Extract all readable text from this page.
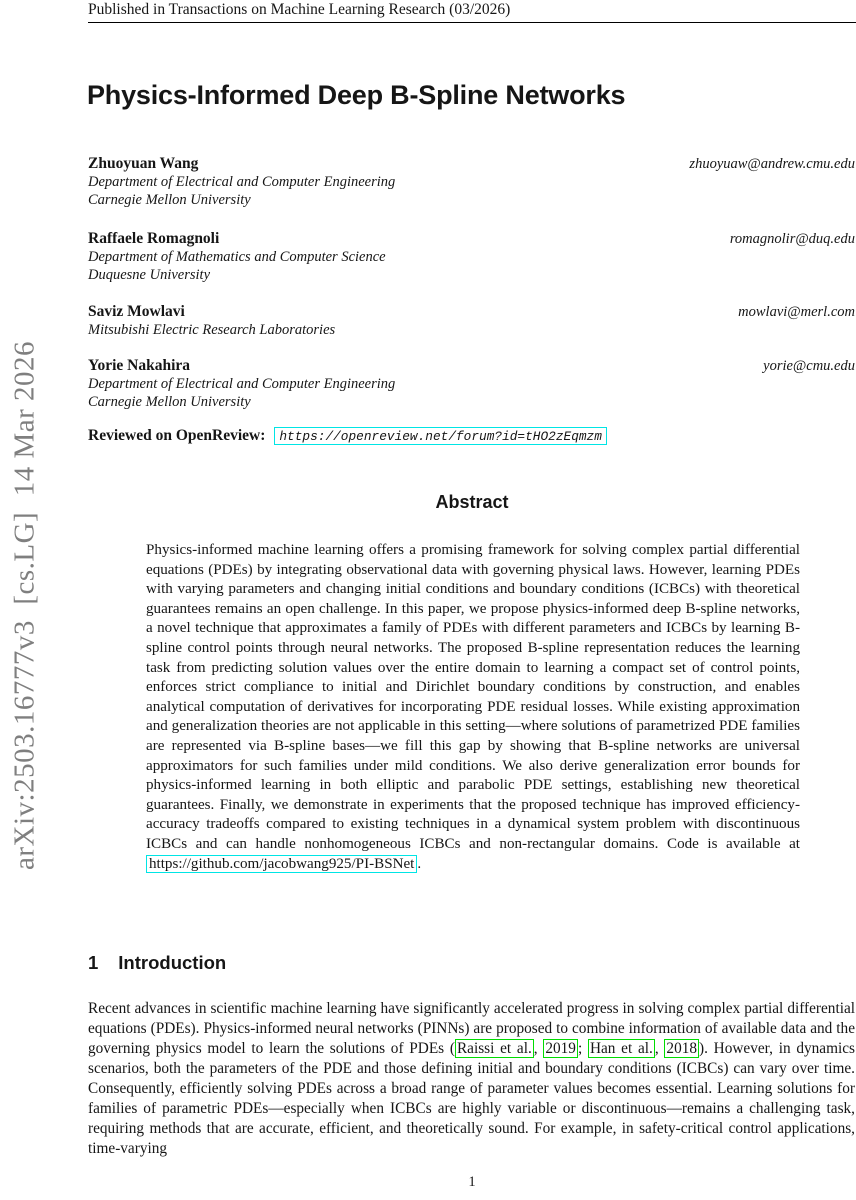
Published in Transactions on Machine Learning Research (03/2026)
arXiv:2503.16777v3  [cs.LG]  14 Mar 2026
Physics-Informed Deep B-Spline Networks
Zhuoyuan Wang	zhuoyuaw@andrew.cmu.edu
Department of Electrical and Computer Engineering
Carnegie Mellon University
Raffaele Romagnoli	romagnolir@duq.edu
Department of Mathematics and Computer Science
Duquesne University
Saviz Mowlavi	mowlavi@merl.com
Mitsubishi Electric Research Laboratories
Yorie Nakahira	yorie@cmu.edu
Department of Electrical and Computer Engineering
Carnegie Mellon University
Reviewed on OpenReview:	https://openreview.net/forum?id=tHO2zEqmzm
Abstract
Physics-informed machine learning offers a promising framework for solving complex partial differential equations (PDEs) by integrating observational data with governing physical laws. However, learning PDEs with varying parameters and changing initial conditions and boundary conditions (ICBCs) with theoretical guarantees remains an open challenge. In this paper, we propose physics-informed deep B-spline networks, a novel technique that approximates a family of PDEs with different parameters and ICBCs by learning B-spline control points through neural networks. The proposed B-spline representation reduces the learning task from predicting solution values over the entire domain to learning a compact set of control points, enforces strict compliance to initial and Dirichlet boundary conditions by construction, and enables analytical computation of derivatives for incorporating PDE residual losses. While existing approximation and generalization theories are not applicable in this setting—where solutions of parametrized PDE families are represented via B-spline bases—we fill this gap by showing that B-spline networks are universal approximators for such families under mild conditions. We also derive generalization error bounds for physics-informed learning in both elliptic and parabolic PDE settings, establishing new theoretical guarantees. Finally, we demonstrate in experiments that the proposed technique has improved efficiency-accuracy tradeoffs compared to existing techniques in a dynamical system problem with discontinuous ICBCs and can handle nonhomogeneous ICBCs and non-rectangular domains. Code is available at https://github.com/jacobwang925/PI-BSNet .
1 Introduction
Recent advances in scientific machine learning have significantly accelerated progress in solving complex partial differential equations (PDEs). Physics-informed neural networks (PINNs) are proposed to combine information of available data and the governing physics model to learn the solutions of PDEs ( Raissi et al. , 2019 ; Han et al. , 2018 ). However, in dynamics scenarios, both the parameters of the PDE and those defining initial and boundary conditions (ICBCs) can vary over time. Consequently, efficiently solving PDEs across a broad range of parameter values becomes essential. Learning solutions for families of parametric PDEs—especially when ICBCs are highly variable or discontinuous—remains a challenging task, requiring methods that are accurate, efficient, and theoretically sound. For example, in safety-critical control applications, time-varying
1
